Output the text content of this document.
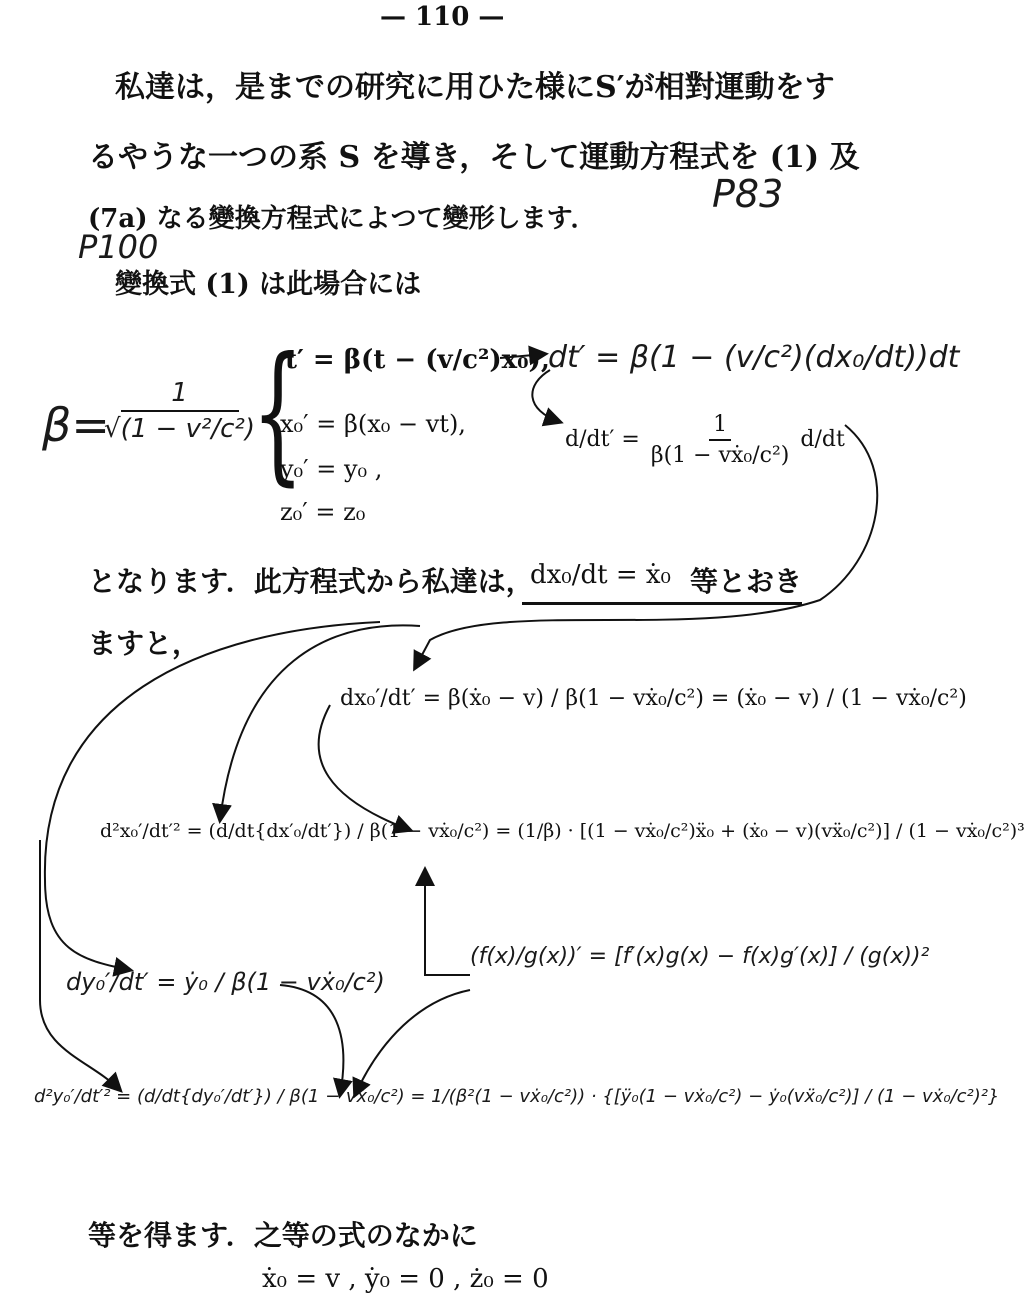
— 110 —
私達は，是までの研究に用ひた様にS′が相對運動をす
るやうな一つの系 S を導き，そして運動方程式を (1) 及
(7a) なる變換方程式によつて變形します．
變換式 (1) は此場合には
P83
P100
β=
$\frac{1}{\text{√(1 − v²/c²)}}$
{
t′ = β(t − (v/c²)x₀),
x₀′ = β(x₀ − vt),
y₀′ = y₀ ,
z₀′ = z₀
dt′ = β(1 − (v/c²)(dx₀/dt))dt
$d/dt' = \frac{1}{\text{β(1 − vẋ₀/c²)}} d/dt$
となります．此方程式から私達は，
dx₀/dt = ẋ₀ 等とおき
ますと，
dx₀′/dt′ = β(ẋ₀ − v) / β(1 − vẋ₀/c²) = (ẋ₀ − v) / (1 − vẋ₀/c²)
d²x₀′/dt′² = (d/dt{dx′₀/dt′}) / β(1 − vẋ₀/c²) = (1/β) · [(1 − vẋ₀/c²)ẍ₀ + (ẋ₀ − v)(vẍ₀/c²)] / (1 − vẋ₀/c²)³
(f(x)/g(x))′ = [f′(x)g(x) − f(x)g′(x)] / (g(x))²
dy₀′/dt′ = ẏ₀ / β(1 − vẋ₀/c²)
d²y₀′/dt′² = (d/dt{dy₀′/dt′}) / β(1 − vẋ₀/c²) = 1/(β²(1 − vẋ₀/c²)) · {[ÿ₀(1 − vẋ₀/c²) − ẏ₀(vẍ₀/c²)] / (1 − vẋ₀/c²)²}
等を得ます．之等の式のなかに
ẋ₀ = v , ẏ₀ = 0 , ż₀ = 0
